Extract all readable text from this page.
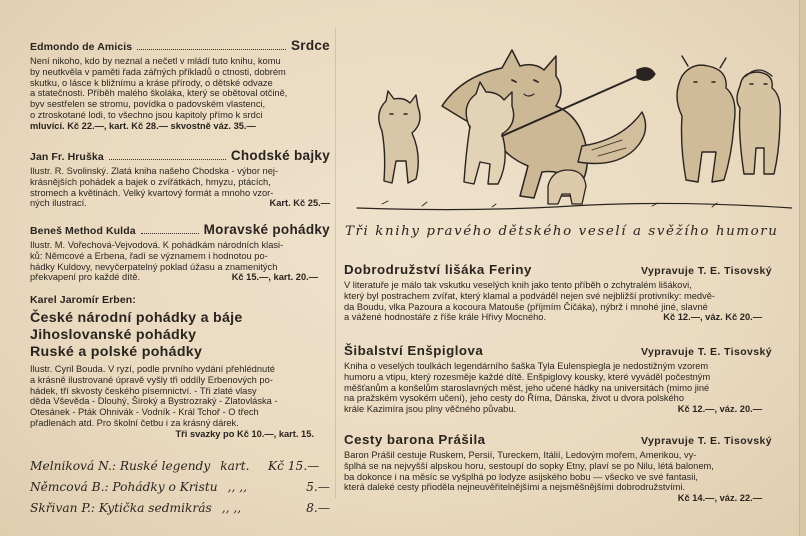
Edmondo de Amicis	Srdce
Není nikoho, kdo by neznal a nečetl v mládí tuto knihu, komu
by neutkvěla v paměti řada zářných příkladů o ctnosti, dobrém
skutku, o lásce k bližnímu a kráse přírody, o dětské odvaze
a statečnosti. Příběh malého školáka, který se obětoval otčině,
byv sestřelen se stromu, povídka o padovském vlastenci,
o ztroskotané lodi, to všechno jsou kapitoly přímo k srdci
mluvící. Kč 22.—, kart. Kč 28.— skvostně váz. 35.—
Jan Fr. Hruška	Chodské bajky
Ilustr. R. Svolinský. Zlatá kniha našeho Chodska - výbor nej-
krásnějších pohádek a bajek o zvířátkách, hmyzu, ptácích,
stromech a květinách. Velký kvartový formát a mnoho vzor-
ných ilustrací.	Kart. Kč 25.—
Beneš Method Kulda	Moravské pohádky
Ilustr. M. Vořechová-Vejvodová. K pohádkám národních klasi-
ků: Němcové a Erbena, řadí se významem i hodnotou po-
hádky Kuldovy, nevyčerpatelný poklad úžasu a znamenitých
překvapení pro každé dítě.	Kč 15.—, kart. 20.—
Karel Jaromír Erben:
České národní pohádky a báje
Jihoslovanské pohádky
Ruské a polské pohádky
Ilustr. Cyril Bouda. V ryzí, podle prvního vydání přehlédnuté
a krásně ilustrované úpravě vyšly tři oddíly Erbenových po-
hádek, tří skvosty českého písemnictví. - Tři zlaté vlasy
děda Vševěda - Dlouhý, Široký a Bystrozraký - Zlatovláska -
Otesánek - Pták Ohnivák - Vodník - Král Tchoř - O třech
přadlenách atd. Pro školní četbu i za krásný dárek.
Tři svazky po Kč 10.—, kart. 15.
Melniková N.: Ruské legendy kart.	Kč 15.—
Němcová B.: Pohádky o Kristu ,, ,,	5.—
Skřivan P.: Kytička sedmikrás ,, ,,	8.—
Tři knihy pravého dětského veselí a svěžího humoru
Dobrodružství lišáka Feriny	Vypravuje T. E. Tisovský
V literatuře je málo tak vskutku veselých knih jako tento příběh o zchytralém lišákovi,
který byl postrachem zvířat, který klamal a podváděl nejen své nejbližší protivníky: medvě-
da Boudu, vlka Pazoura a kocoura Matouše (příjmím Čičáka), nýbrž i mnohé jiné, slavné
a vážené hodnostáře z říše krále Hřivy Mocného.	Kč 12.—, váz. Kč 20.—
Šibalství Enšpiglova	Vypravuje T. E. Tisovský
Kniha o veselých toulkách legendárního šaška Tyla Eulenspiegla je nedostižným vzorem
humoru a vtipu, který rozesměje každé dítě. Enšpiglovy kousky, které vyváděl počestným
měšťanům a konšelům staroslavných měst, jeho učené hádky na universitách (mimo jiné
na pražském vysokém učení), jeho cesty do Říma, Dánska, život u dvora polského
krále Kazimíra jsou plny věčného půvabu.	Kč 12.—, váz. 20.—
Cesty barona Prášila	Vypravuje T. E. Tisovský
Baron Prášil cestuje Ruskem, Persií, Tureckem, Itálií, Ledovým mořem, Amerikou, vy-
šplhá se na nejvyšší alpskou horu, sestoupí do sopky Etny, plaví se po Nilu, létá balonem,
ba dokonce i na měsíc se vyšplhá po lodyze asijského bobu — všecko ve své fantasii,
která daleké cesty přioděla nejneuvěřitelnějšími a nejsměšnějšími dobrodružstvími.
Kč 14.—, váz. 22.—
